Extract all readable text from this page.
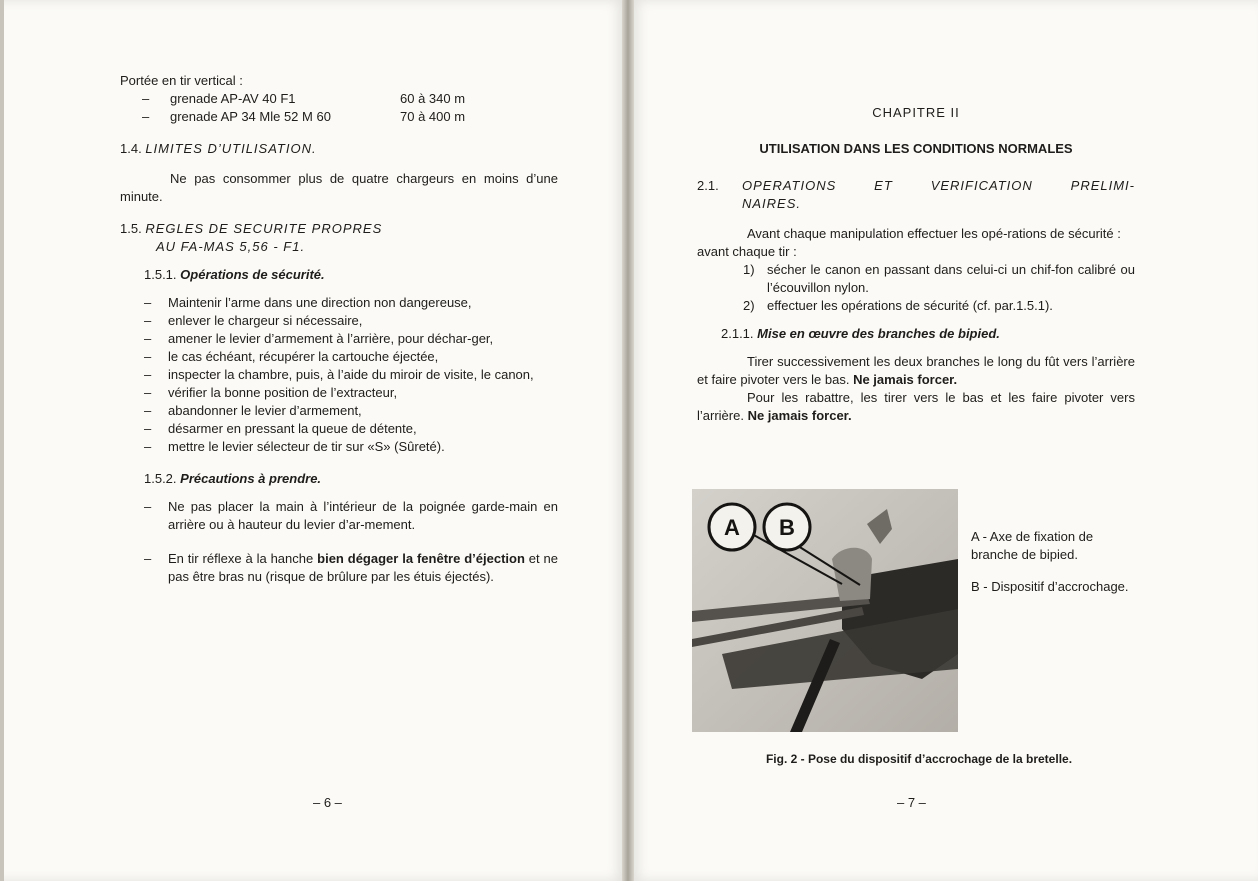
Portée en tir vertical :
–	grenade AP-AV 40 F1	60 à 340 m
–	grenade AP 34 Mle 52 M 60	70 à 400 m
1.4. LIMITES D’UTILISATION.
Ne pas consommer plus de quatre chargeurs en moins d’une minute.
1.5. REGLES DE SECURITE PROPRES
AU FA-MAS 5,56 - F1.
1.5.1. Opérations de sécurité.
–	Maintenir l’arme dans une direction non dangereuse,
–	enlever le chargeur si nécessaire,
–	amener le levier d’armement à l’arrière, pour déchar-ger,
–	le cas échéant, récupérer la cartouche éjectée,
–	inspecter la chambre, puis, à l’aide du miroir de visite, le canon,
–	vérifier la bonne position de l’extracteur,
–	abandonner le levier d’armement,
–	désarmer en pressant la queue de détente,
–	mettre le levier sélecteur de tir sur «S» (Sûreté).
1.5.2. Précautions à prendre.
–	Ne pas placer la main à l’intérieur de la poignée garde-main en arrière ou à hauteur du levier d’ar-mement.
–	En tir réflexe à la hanche bien dégager la fenêtre d’éjection et ne pas être bras nu (risque de brûlure par les étuis éjectés).
– 6 –
CHAPITRE II
UTILISATION DANS LES CONDITIONS NORMALES
2.1.	OPERATIONS ET VERIFICATION PRELIMI-
NAIRES.
Avant chaque manipulation effectuer les opé-rations de sécurité :
avant chaque tir :
1) sécher le canon en passant dans celui-ci un chif-fon calibré ou l’écouvillon nylon.
2) effectuer les opérations de sécurité (cf. par.1.5.1).
2.1.1. Mise en œuvre des branches de bipied.
Tirer successivement les deux branches le long du fût vers l’arrière et faire pivoter vers le bas. Ne jamais forcer.
Pour les rabattre, les tirer vers le bas et les faire pivoter vers l’arrière. Ne jamais forcer.
A B	A - Axe de fixation de branche de bipied.
B - Dispositif d’accrochage.
Fig. 2 - Pose du dispositif d’accrochage de la bretelle.
– 7 –
